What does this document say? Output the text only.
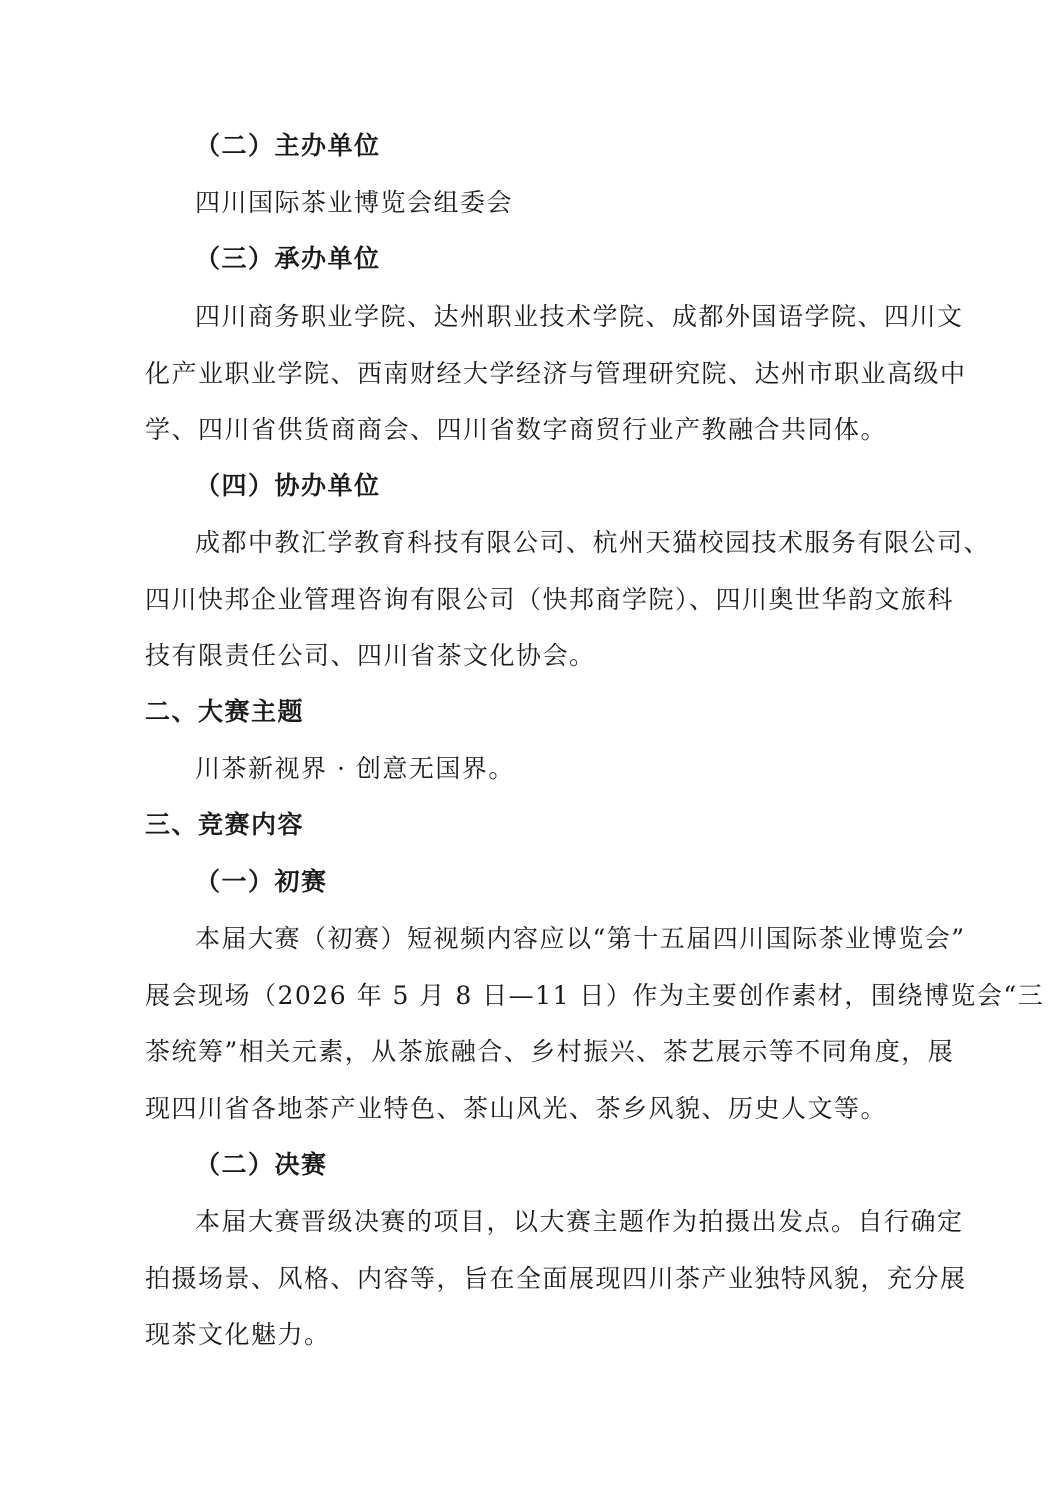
（二）主办单位
四川国际茶业博览会组委会
（三）承办单位
四川商务职业学院、达州职业技术学院、成都外国语学院、四川文
化产业职业学院、西南财经大学经济与管理研究院、达州市职业高级中
学、四川省供货商商会、四川省数字商贸行业产教融合共同体。
（四）协办单位
成都中教汇学教育科技有限公司、杭州天猫校园技术服务有限公司、
四川快邦企业管理咨询有限公司（快邦商学院）、四川奥世华韵文旅科
技有限责任公司、四川省茶文化协会。
二、大赛主题
川茶新视界 · 创意无国界。
三、竞赛内容
（一）初赛
本届大赛（初赛）短视频内容应以“第十五届四川国际茶业博览会”
展会现场（2026 年 5 月 8 日—11 日）作为主要创作素材，围绕博览会“三
茶统筹”相关元素，从茶旅融合、乡村振兴、茶艺展示等不同角度，展
现四川省各地茶产业特色、茶山风光、茶乡风貌、历史人文等。
（二）决赛
本届大赛晋级决赛的项目，以大赛主题作为拍摄出发点。自行确定
拍摄场景、风格、内容等，旨在全面展现四川茶产业独特风貌，充分展
现茶文化魅力。
